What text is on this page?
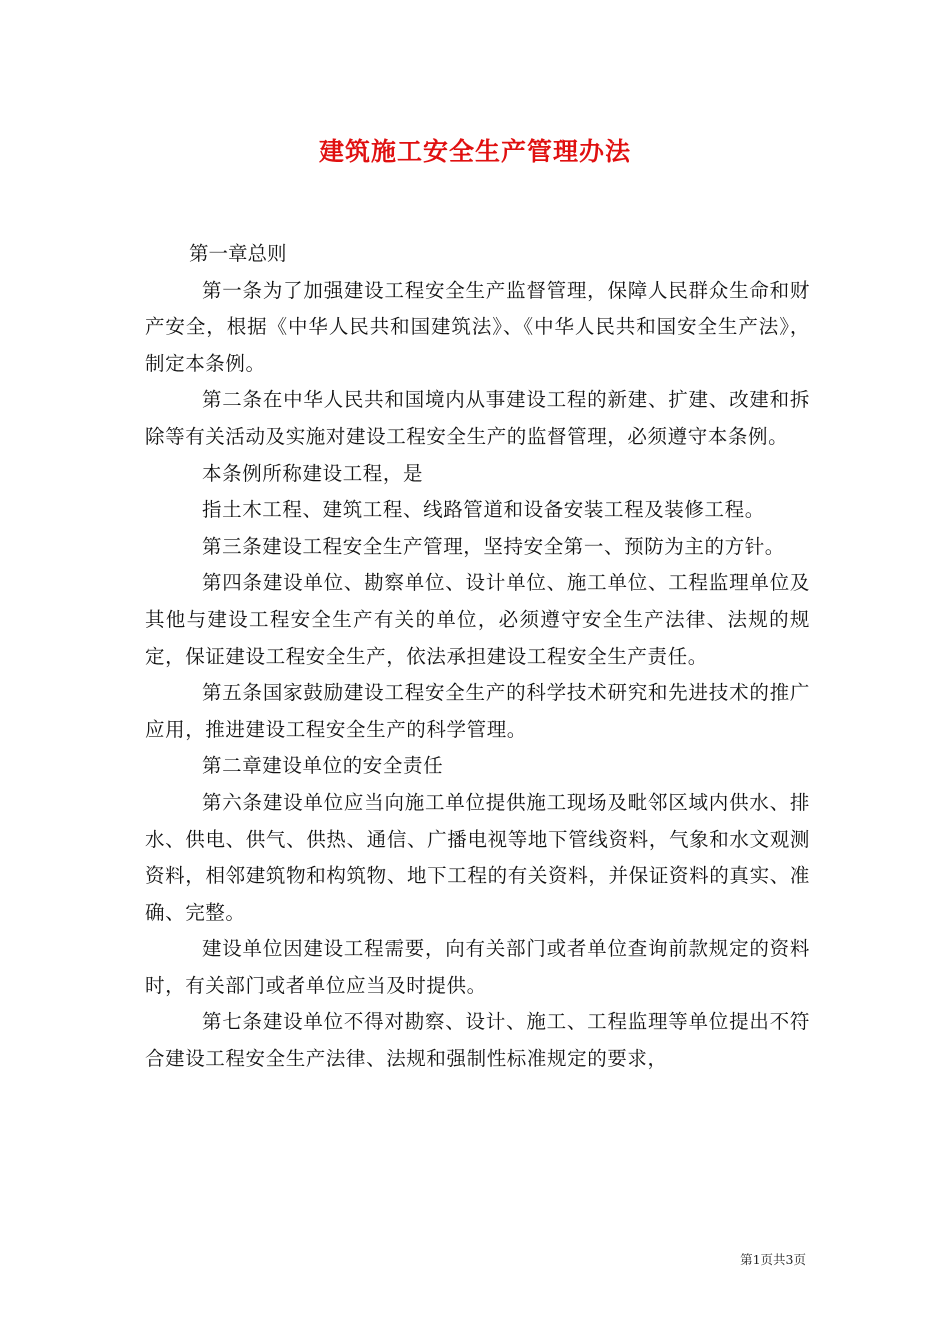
建筑施工安全生产管理办法

第一章总则

第一条为了加强建设工程安全生产监督管理，保障人民群众生命和财产安全，根据《中华人民共和国建筑法》、《中华人民共和国安全生产法》，制定本条例。

第二条在中华人民共和国境内从事建设工程的新建、扩建、改建和拆除等有关活动及实施对建设工程安全生产的监督管理，必须遵守本条例。

本条例所称建设工程，是

指土木工程、建筑工程、线路管道和设备安装工程及装修工程。

第三条建设工程安全生产管理，坚持安全第一、预防为主的方针。

第四条建设单位、勘察单位、设计单位、施工单位、工程监理单位及其他与建设工程安全生产有关的单位，必须遵守安全生产法律、法规的规定，保证建设工程安全生产，依法承担建设工程安全生产责任。

第五条国家鼓励建设工程安全生产的科学技术研究和先进技术的推广应用，推进建设工程安全生产的科学管理。

第二章建设单位的安全责任

第六条建设单位应当向施工单位提供施工现场及毗邻区域内供水、排水、供电、供气、供热、通信、广播电视等地下管线资料，气象和水文观测资料，相邻建筑物和构筑物、地下工程的有关资料，并保证资料的真实、准确、完整。

建设单位因建设工程需要，向有关部门或者单位查询前款规定的资料时，有关部门或者单位应当及时提供。

第七条建设单位不得对勘察、设计、施工、工程监理等单位提出不符合建设工程安全生产法律、法规和强制性标准规定的要求，

第1页共3页
